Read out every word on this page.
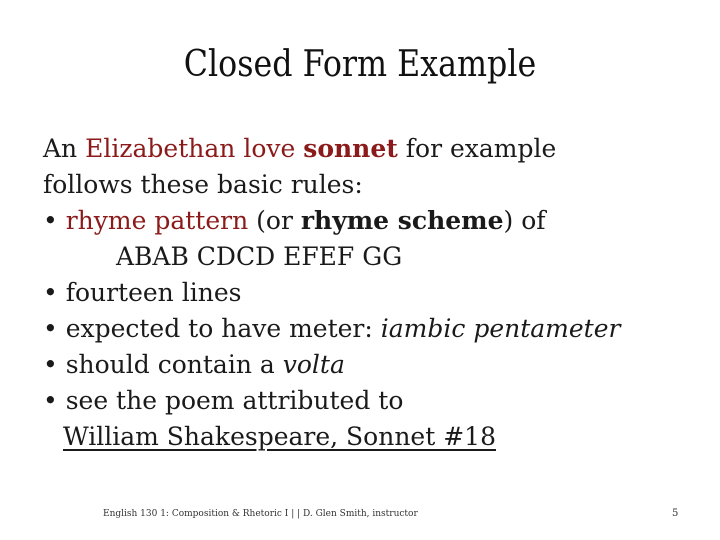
Closed Form Example
An Elizabethan love sonnet for example
follows these basic rules:
• rhyme pattern (or rhyme scheme) of
ABAB CDCD EFEF GG
• fourteen lines
• expected to have meter: iambic pentameter
• should contain a volta
• see the poem attributed to
William Shakespeare, Sonnet #18
English 130 1: Composition & Rhetoric I | | D. Glen Smith, instructor	5
